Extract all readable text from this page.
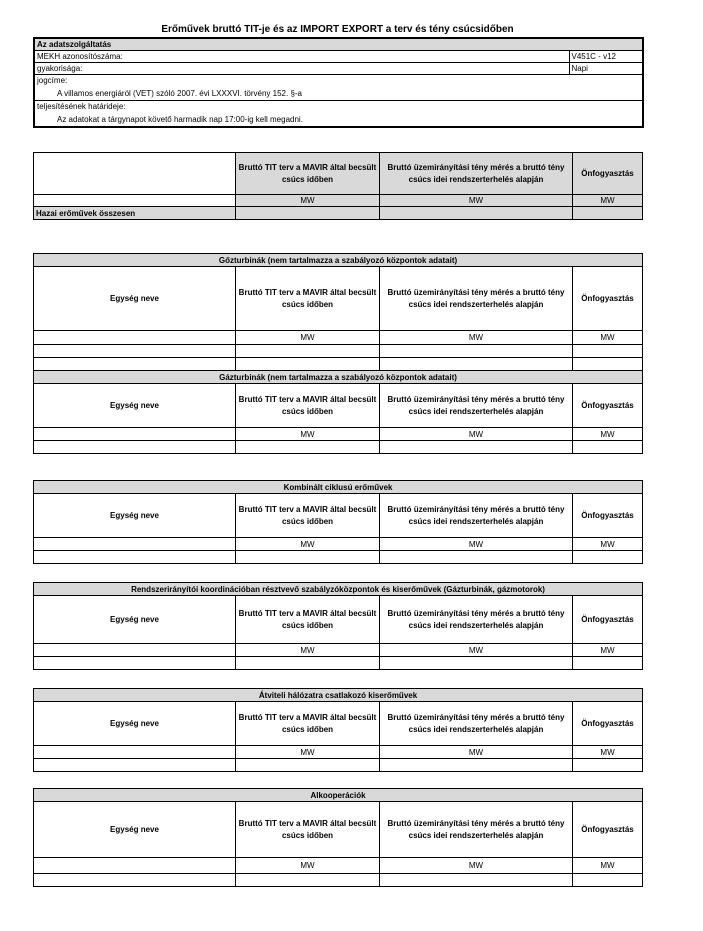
Erőművek bruttó TIT-je és az IMPORT EXPORT a terv és tény csúcsidőben
Az adatszolgáltatás	
MEKH azonosítószáma:	V451C - v12
gyakorisága:	Napi
jogcíme:	
A villamos energiáról (VET) szóló 2007. évi LXXXVI. törvény 152. §-a	
teljesítésének határideje:	
Az adatokat a tárgynapot követő harmadik nap 17:00-ig kell megadni.	
	Bruttó TIT terv a MAVIR által becsült csúcs időben	Bruttó üzemirányítási tény mérés a bruttó tény csúcs idei rendszerterhelés alapján	Önfogyasztás
	MW	MW	MW
Hazai erőművek összesen			
Gőzturbinák (nem tartalmazza a szabályozó központok adatait)			
Egység neve	Bruttó TIT terv a MAVIR által becsült csúcs időben	Bruttó üzemirányítási tény mérés a bruttó tény csúcs idei rendszerterhelés alapján	Önfogyasztás
	MW	MW	MW

Gázturbinák (nem tartalmazza a szabályozó központok adatait)			
Egység neve	Bruttó TIT terv a MAVIR által becsült csúcs időben	Bruttó üzemirányítási tény mérés a bruttó tény csúcs idei rendszerterhelés alapján	Önfogyasztás
	MW	MW	MW

Kombinált ciklusú erőművek			
Egység neve	Bruttó TIT terv a MAVIR által becsült csúcs időben	Bruttó üzemirányítási tény mérés a bruttó tény csúcs idei rendszerterhelés alapján	Önfogyasztás
	MW	MW	MW

Rendszerirányítói koordinációban résztvevő szabályzóközpontok és kiserőművek (Gázturbinák, gázmotorok)			
Egység neve	Bruttó TIT terv a MAVIR által becsült csúcs időben	Bruttó üzemirányítási tény mérés a bruttó tény csúcs idei rendszerterhelés alapján	Önfogyasztás
	MW	MW	MW

Átviteli hálózatra csatlakozó kiserőművek			
Egység neve	Bruttó TIT terv a MAVIR által becsült csúcs időben	Bruttó üzemirányítási tény mérés a bruttó tény csúcs idei rendszerterhelés alapján	Önfogyasztás
	MW	MW	MW

Alkooperációk			
Egység neve	Bruttó TIT terv a MAVIR által becsült csúcs időben	Bruttó üzemirányítási tény mérés a bruttó tény csúcs idei rendszerterhelés alapján	Önfogyasztás
	MW	MW	MW
